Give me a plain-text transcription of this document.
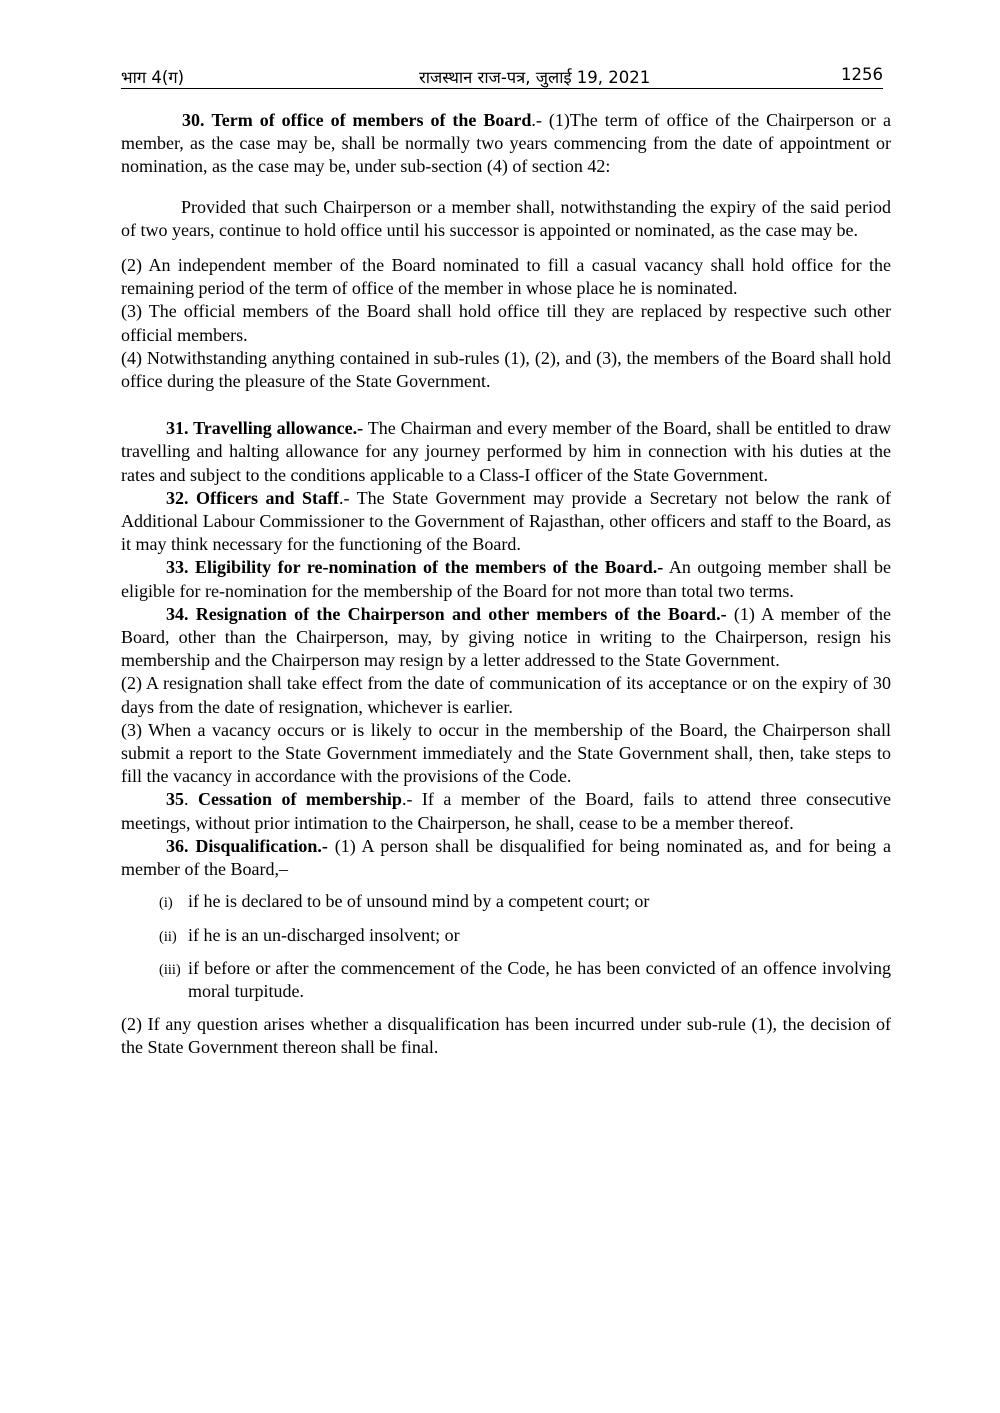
भाग 4(ग)	राजस्थान राज-पत्र, जुलाई 19, 2021	1256

30. Term of office of members of the Board.- (1)The term of office of the Chairperson or a member, as the case may be, shall be normally two years commencing from the date of appointment or nomination, as the case may be, under sub-section (4) of section 42:

Provided that such Chairperson or a member shall, notwithstanding the expiry of the said period of two years, continue to hold office until his successor is appointed or nominated, as the case may be.

(2) An independent member of the Board nominated to fill a casual vacancy shall hold office for the remaining period of the term of office of the member in whose place he is nominated.

(3) The official members of the Board shall hold office till they are replaced by respective such other official members.

(4) Notwithstanding anything contained in sub-rules (1), (2), and (3), the members of the Board shall hold office during the pleasure of the State Government.

31. Travelling allowance.- The Chairman and every member of the Board, shall be entitled to draw travelling and halting allowance for any journey performed by him in connection with his duties at the rates and subject to the conditions applicable to a Class-I officer of the State Government.

32. Officers and Staff.- The State Government may provide a Secretary not below the rank of Additional Labour Commissioner to the Government of Rajasthan, other officers and staff to the Board, as it may think necessary for the functioning of the Board.

33. Eligibility for re-nomination of the members of the Board.- An outgoing member shall be eligible for re-nomination for the membership of the Board for not more than total two terms.

34. Resignation of the Chairperson and other members of the Board.- (1) A member of the Board, other than the Chairperson, may, by giving notice in writing to the Chairperson, resign his membership and the Chairperson may resign by a letter addressed to the State Government.

(2) A resignation shall take effect from the date of communication of its acceptance or on the expiry of 30 days from the date of resignation, whichever is earlier.

(3) When a vacancy occurs or is likely to occur in the membership of the Board, the Chairperson shall submit a report to the State Government immediately and the State Government shall, then, take steps to fill the vacancy in accordance with the provisions of the Code.

35. Cessation of membership.- If a member of the Board, fails to attend three consecutive meetings, without prior intimation to the Chairperson, he shall, cease to be a member thereof.

36. Disqualification.- (1) A person shall be disqualified for being nominated as, and for being a member of the Board,–

(i) if he is declared to be of unsound mind by a competent court; or

(ii) if he is an un-discharged insolvent; or

(iii) if before or after the commencement of the Code, he has been convicted of an offence involving moral turpitude.

(2) If any question arises whether a disqualification has been incurred under sub-rule (1), the decision of the State Government thereon shall be final.
